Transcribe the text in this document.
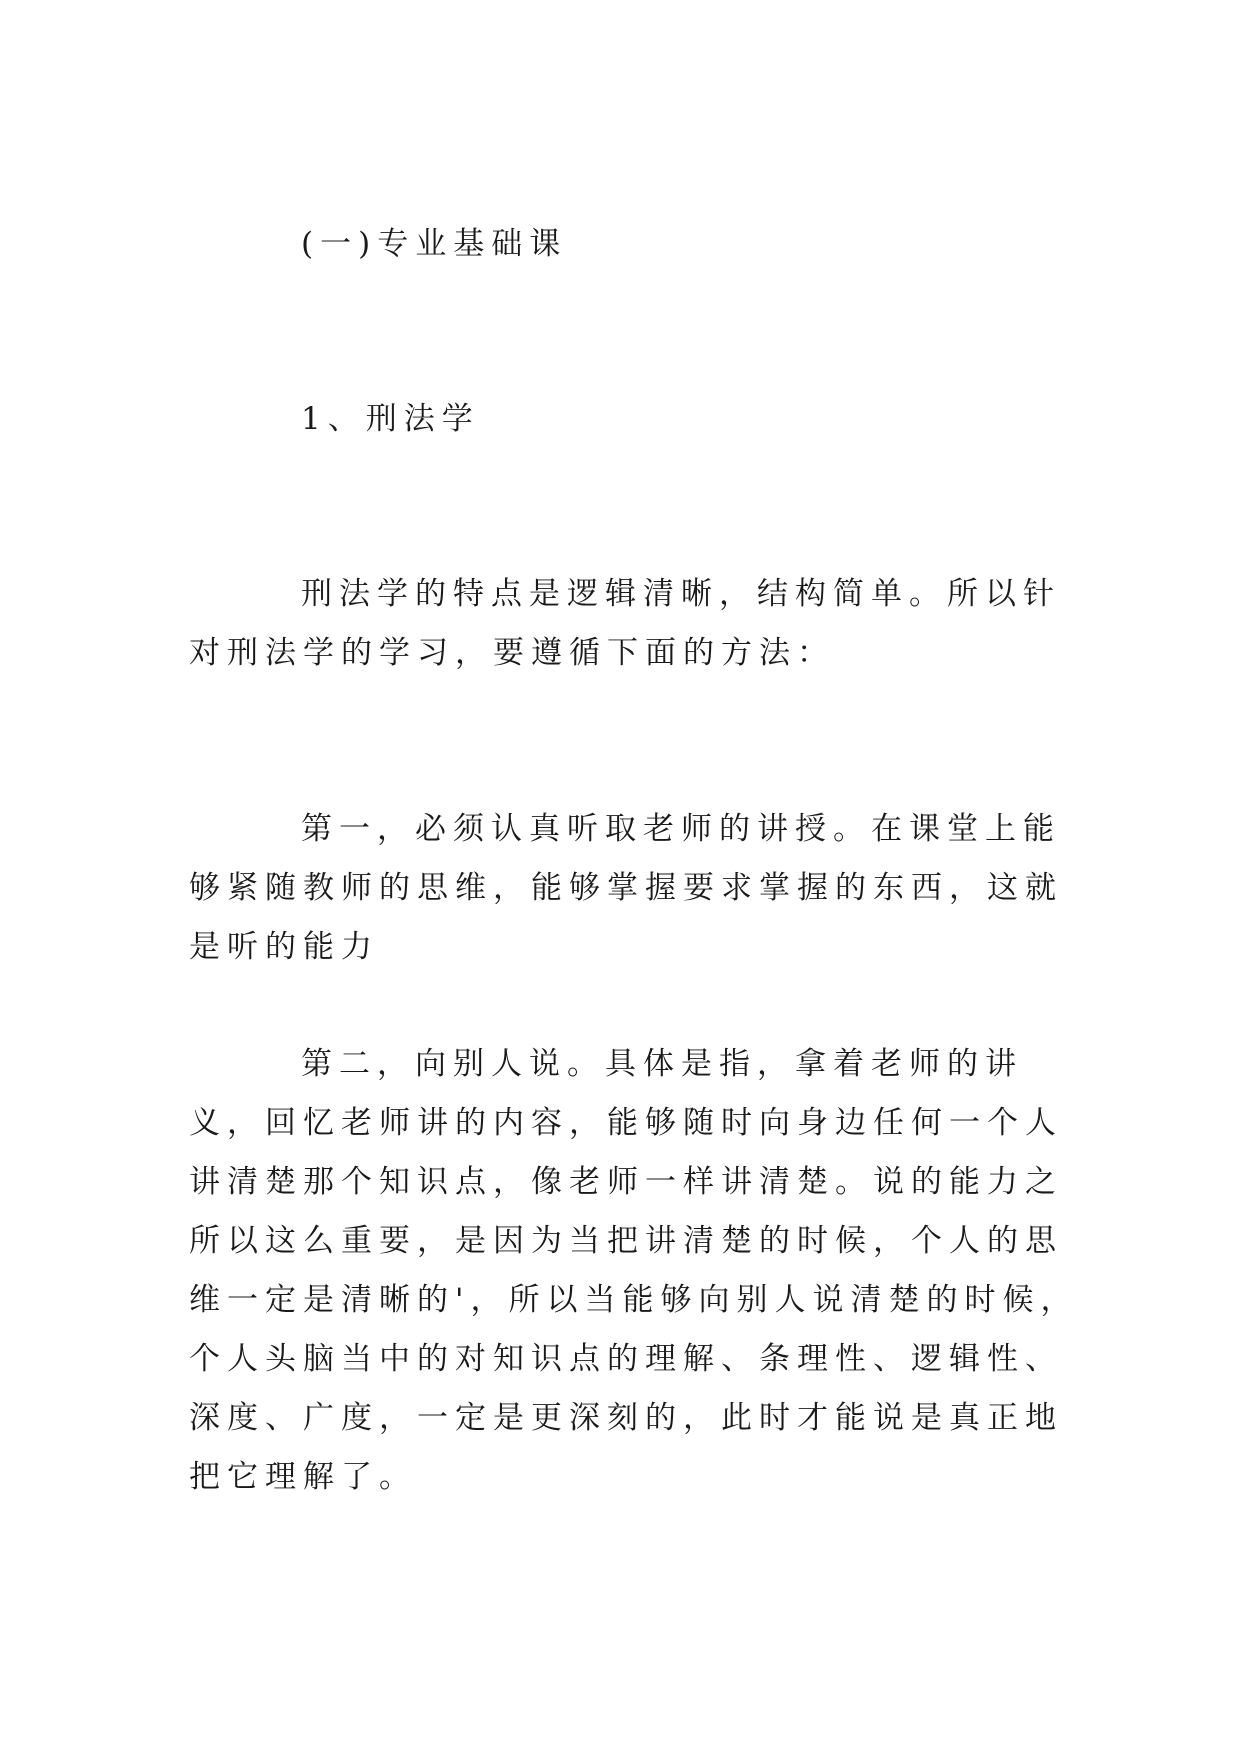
(一)专业基础课

1、刑法学

刑法学的特点是逻辑清晰，结构简单。所以针对刑法学的学习，要遵循下面的方法：

第一，必须认真听取老师的讲授。在课堂上能够紧随教师的思维，能够掌握要求掌握的东西，这就是听的能力

第二，向别人说。具体是指，拿着老师的讲义，回忆老师讲的内容，能够随时向身边任何一个人讲清楚那个知识点，像老师一样讲清楚。说的能力之所以这么重要，是因为当把讲清楚的时候，个人的思维一定是清晰的'，所以当能够向别人说清楚的时候，个人头脑当中的对知识点的理解、条理性、逻辑性、深度、广度，一定是更深刻的，此时才能说是真正地把它理解了。
